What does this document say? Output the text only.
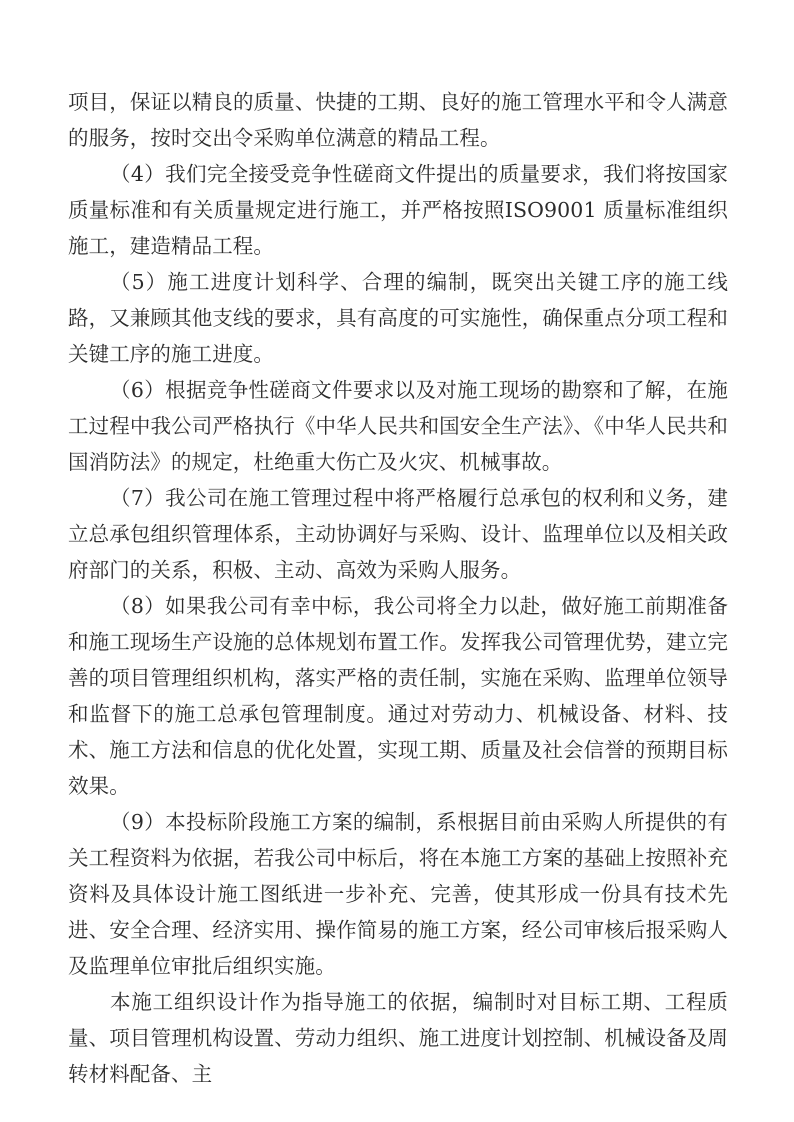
项目，保证以精良的质量、快捷的工期、良好的施工管理水平和令人满意的服务，按时交出令采购单位满意的精品工程。

（4）我们完全接受竞争性磋商文件提出的质量要求，我们将按国家质量标准和有关质量规定进行施工，并严格按照ISO9001 质量标准组织施工，建造精品工程。

（5）施工进度计划科学、合理的编制，既突出关键工序的施工线路，又兼顾其他支线的要求，具有高度的可实施性，确保重点分项工程和关键工序的施工进度。

（6）根据竞争性磋商文件要求以及对施工现场的勘察和了解，在施工过程中我公司严格执行《中华人民共和国安全生产法》、《中华人民共和国消防法》的规定，杜绝重大伤亡及火灾、机械事故。

（7）我公司在施工管理过程中将严格履行总承包的权利和义务，建立总承包组织管理体系，主动协调好与采购、设计、监理单位以及相关政府部门的关系，积极、主动、高效为采购人服务。

（8）如果我公司有幸中标，我公司将全力以赴，做好施工前期准备和施工现场生产设施的总体规划布置工作。发挥我公司管理优势，建立完善的项目管理组织机构，落实严格的责任制，实施在采购、监理单位领导和监督下的施工总承包管理制度。通过对劳动力、机械设备、材料、技术、施工方法和信息的优化处置，实现工期、质量及社会信誉的预期目标效果。

（9）本投标阶段施工方案的编制，系根据目前由采购人所提供的有关工程资料为依据，若我公司中标后，将在本施工方案的基础上按照补充资料及具体设计施工图纸进一步补充、完善，使其形成一份具有技术先进、安全合理、经济实用、操作简易的施工方案，经公司审核后报采购人及监理单位审批后组织实施。

本施工组织设计作为指导施工的依据，编制时对目标工期、工程质量、项目管理机构设置、劳动力组织、施工进度计划控制、机械设备及周转材料配备、主
